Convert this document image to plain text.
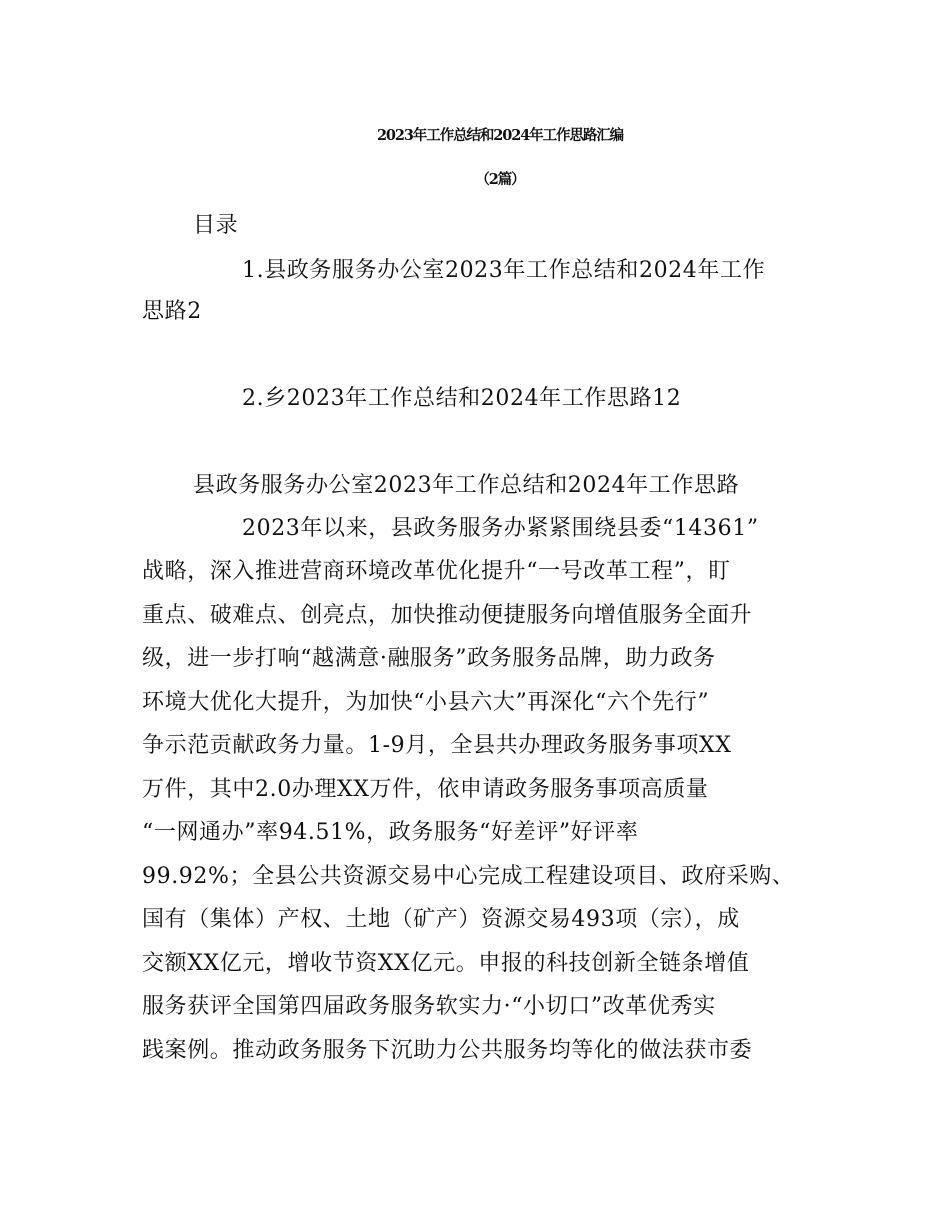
2023年工作总结和2024年工作思路汇编
（2篇）
目录
1.县政务服务办公室2023年工作总结和2024年工作
思路2
2.乡2023年工作总结和2024年工作思路12
县政务服务办公室2023年工作总结和2024年工作思路
2023年以来，县政务服务办紧紧围绕县委“14361”
战略，深入推进营商环境改革优化提升“一号改革工程”，盯
重点、破难点、创亮点，加快推动便捷服务向增值服务全面升
级，进一步打响“越满意·融服务”政务服务品牌，助力政务
环境大优化大提升，为加快“小县六大”再深化“六个先行”
争示范贡献政务力量。1-9月，全县共办理政务服务事项XX
万件，其中2.0办理XX万件，依申请政务服务事项高质量
“一网通办”率94.51%，政务服务“好差评”好评率
99.92%；全县公共资源交易中心完成工程建设项目、政府采购、
国有（集体）产权、土地（矿产）资源交易493项（宗），成
交额XX亿元，增收节资XX亿元。申报的科技创新全链条增值
服务获评全国第四届政务服务软实力·“小切口”改革优秀实
践案例。推动政务服务下沉助力公共服务均等化的做法获市委
